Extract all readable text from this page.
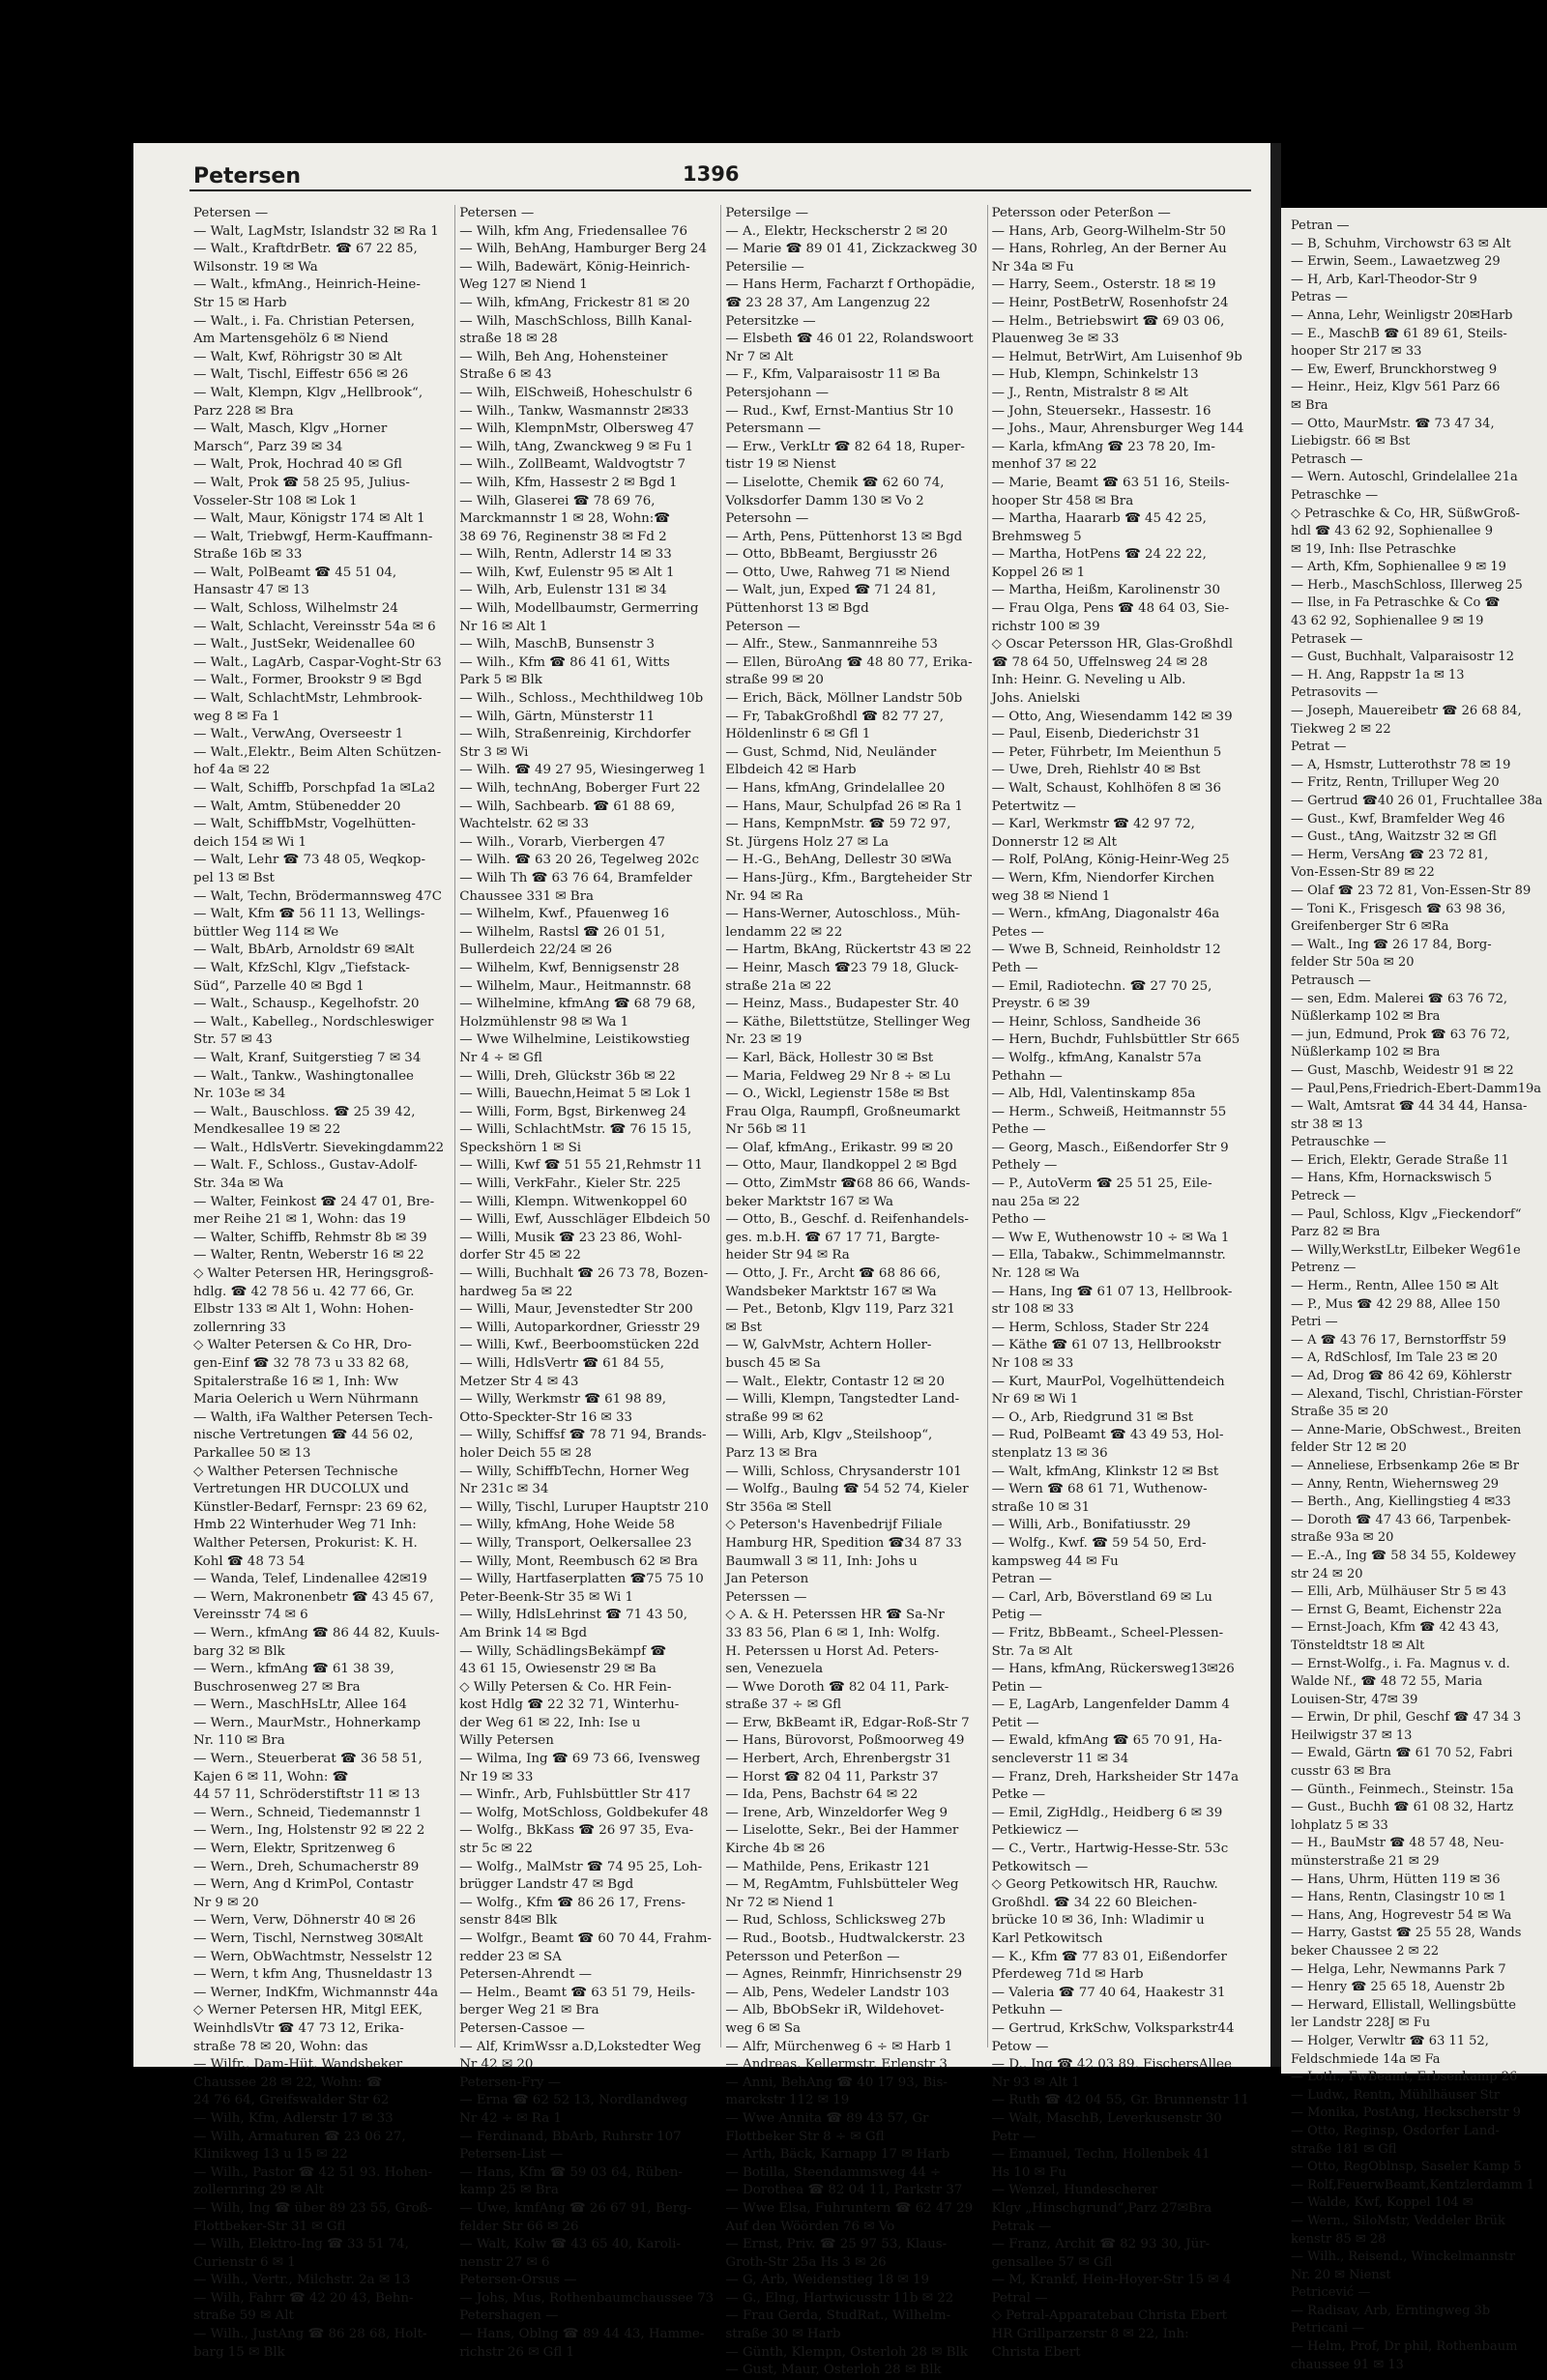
Petersen	1396
Petersen —
— Walt, LagMstr, Islandstr 32 ✉ Ra 1
— Walt., KraftdrBetr. ☎ 67 22 85,
Wilsonstr. 19 ✉ Wa
— Walt., kfmAng., Heinrich-Heine-
Str 15 ✉ Harb
— Walt., i. Fa. Christian Petersen,
Am Martensgehölz 6 ✉ Niend
— Walt, Kwf, Röhrigstr 30 ✉ Alt
— Walt, Tischl, Eiffestr 656 ✉ 26
— Walt, Klempn, Klgv „Hellbrook“,
Parz 228 ✉ Bra
— Walt, Masch, Klgv „Horner
Marsch“, Parz 39 ✉ 34
— Walt, Prok, Hochrad 40 ✉ Gfl
— Walt, Prok ☎ 58 25 95, Julius-
Vosseler-Str 108 ✉ Lok 1
— Walt, Maur, Königstr 174 ✉ Alt 1
— Walt, Triebwgf, Herm-Kauffmann-
Straße 16b ✉ 33
— Walt, PolBeamt ☎ 45 51 04,
Hansastr 47 ✉ 13
— Walt, Schloss, Wilhelmstr 24
— Walt, Schlacht, Vereinsstr 54a ✉ 6
— Walt., JustSekr, Weidenallee 60
— Walt., LagArb, Caspar-Voght-Str 63
— Walt., Former, Brookstr 9 ✉ Bgd
— Walt, SchlachtMstr, Lehmbrook-
weg 8 ✉ Fa 1
— Walt., VerwAng, Overseestr 1
— Walt.,Elektr., Beim Alten Schützen-
hof 4a ✉ 22
— Walt, Schiffb, Porschpfad 1a ✉La2
— Walt, Amtm, Stübenedder 20
— Walt, SchiffbMstr, Vogelhütten-
deich 154 ✉ Wi 1
— Walt, Lehr ☎ 73 48 05, Weqkop-
pel 13 ✉ Bst
— Walt, Techn, Brödermannsweg 47C
— Walt, Kfm ☎ 56 11 13, Wellings-
büttler Weg 114 ✉ We
— Walt, BbArb, Arnoldstr 69 ✉Alt
— Walt, KfzSchl, Klgv „Tiefstack-
Süd“, Parzelle 40 ✉ Bgd 1
— Walt., Schausp., Kegelhofstr. 20
— Walt., Kabelleg., Nordschleswiger
Str. 57 ✉ 43
— Walt, Kranf, Suitgerstieg 7 ✉ 34
— Walt., Tankw., Washingtonallee
Nr. 103e ✉ 34
— Walt., Bauschloss. ☎ 25 39 42,
Mendkesallee 19 ✉ 22
— Walt., HdlsVertr. Sievekingdamm22
— Walt. F., Schloss., Gustav-Adolf-
Str. 34a ✉ Wa
— Walter, Feinkost ☎ 24 47 01, Bre-
mer Reihe 21 ✉ 1, Wohn: das 19
— Walter, Schiffb, Rehmstr 8b ✉ 39
— Walter, Rentn, Weberstr 16 ✉ 22
◇ Walter Petersen HR, Heringsgroß-
hdlg. ☎ 42 78 56 u. 42 77 66, Gr.
Elbstr 133 ✉ Alt 1, Wohn: Hohen-
zollernring 33
◇ Walter Petersen & Co HR, Dro-
gen-Einf ☎ 32 78 73 u 33 82 68,
Spitalerstraße 16 ✉ 1, Inh: Ww
Maria Oelerich u Wern Nührmann
— Walth, iFa Walther Petersen Tech-
nische Vertretungen ☎ 44 56 02,
Parkallee 50 ✉ 13
◇ Walther Petersen Technische
Vertretungen HR DUCOLUX und
Künstler-Bedarf, Fernspr: 23 69 62,
Hmb 22 Winterhuder Weg 71 Inh:
Walther Petersen, Prokurist: K. H.
Kohl ☎ 48 73 54
— Wanda, Telef, Lindenallee 42✉19
— Wern, Makronenbetr ☎ 43 45 67,
Vereinsstr 74 ✉ 6
— Wern., kfmAng ☎ 86 44 82, Kuuls-
barg 32 ✉ Blk
— Wern., kfmAng ☎ 61 38 39,
Buschrosenweg 27 ✉ Bra
— Wern., MaschHsLtr, Allee 164
— Wern., MaurMstr., Hohnerkamp
Nr. 110 ✉ Bra
— Wern., Steuerberat ☎ 36 58 51,
Kajen 6 ✉ 11, Wohn: ☎
44 57 11, Schröderstiftstr 11 ✉ 13
— Wern., Schneid, Tiedemannstr 1
— Wern., Ing, Holstenstr 92 ✉ 22 2
— Wern, Elektr, Spritzenweg 6
— Wern., Dreh, Schumacherstr 89
— Wern, Ang d KrimPol, Contastr
Nr 9 ✉ 20
— Wern, Verw, Döhnerstr 40 ✉ 26
— Wern, Tischl, Nernstweg 30✉Alt
— Wern, ObWachtmstr, Nesselstr 12
— Wern, t kfm Ang, Thusneldastr 13
— Werner, IndKfm, Wichmannstr 44a
◇ Werner Petersen HR, Mitgl EEK,
WeinhdlsVtr ☎ 47 73 12, Erika-
straße 78 ✉ 20, Wohn: das
— Wilfr., Dam-Hüt, Wandsbeker
Chaussee 28 ✉ 22, Wohn: ☎
24 76 64, Greifswalder Str 62
— Wilh, Kfm, Adlerstr 17 ✉ 33
— Wilh, Armaturen ☎ 23 06 27,
Klinikweg 13 u 15 ✉ 22
— Wilh., Pastor ☎ 42 51 93. Hohen-
zollernring 29 ✉ Alt
— Wilh, Ing ☎ über 89 23 55, Groß-
Flottbeker-Str 31 ✉ Gfl
— Wilh, Elektro-Ing ☎ 33 51 74,
Curienstr 6 ✉ 1
— Wilh., Vertr., Milchstr. 2a ✉ 13
— Wilh, Fahrr ☎ 42 20 43, Behn-
straße 59 ✉ Alt
— Wilh., JustAng ☎ 86 28 68, Holt-
barg 15 ✉ Blk
Petersen —
— Wilh, kfm Ang, Friedensallee 76
— Wilh, BehAng, Hamburger Berg 24
— Wilh, Badewärt, König-Heinrich-
Weg 127 ✉ Niend 1
— Wilh, kfmAng, Frickestr 81 ✉ 20
— Wilh, MaschSchloss, Billh Kanal-
straße 18 ✉ 28
— Wilh, Beh Ang, Hohensteiner
Straße 6 ✉ 43
— Wilh, ElSchweiß, Hoheschulstr 6
— Wilh., Tankw, Wasmannstr 2✉33
— Wilh, KlempnMstr, Olbersweg 47
— Wilh, tAng, Zwanckweg 9 ✉ Fu 1
— Wilh., ZollBeamt, Waldvogtstr 7
— Wilh, Kfm, Hassestr 2 ✉ Bgd 1
— Wilh, Glaserei ☎ 78 69 76,
Marckmannstr 1 ✉ 28, Wohn:☎
38 69 76, Reginenstr 38 ✉ Fd 2
— Wilh, Rentn, Adlerstr 14 ✉ 33
— Wilh, Kwf, Eulenstr 95 ✉ Alt 1
— Wilh, Arb, Eulenstr 131 ✉ 34
— Wilh, Modellbaumstr, Germerring
Nr 16 ✉ Alt 1
— Wilh, MaschB, Bunsenstr 3
— Wilh., Kfm ☎ 86 41 61, Witts
Park 5 ✉ Blk
— Wilh., Schloss., Mechthildweg 10b
— Wilh, Gärtn, Münsterstr 11
— Wilh, Straßenreinig, Kirchdorfer
Str 3 ✉ Wi
— Wilh. ☎ 49 27 95, Wiesingerweg 1
— Wilh, technAng, Boberger Furt 22
— Wilh, Sachbearb. ☎ 61 88 69,
Wachtelstr. 62 ✉ 33
— Wilh., Vorarb, Vierbergen 47
— Wilh. ☎ 63 20 26, Tegelweg 202c
— Wilh Th ☎ 63 76 64, Bramfelder
Chaussee 331 ✉ Bra
— Wilhelm, Kwf., Pfauenweg 16
— Wilhelm, Rastsl ☎ 26 01 51,
Bullerdeich 22/24 ✉ 26
— Wilhelm, Kwf, Bennigsenstr 28
— Wilhelm, Maur., Heitmannstr. 68
— Wilhelmine, kfmAng ☎ 68 79 68,
Holzmühlenstr 98 ✉ Wa 1
— Wwe Wilhelmine, Leistikowstieg
Nr 4 ÷ ✉ Gfl
— Willi, Dreh, Glückstr 36b ✉ 22
— Willi, Bauechn,Heimat 5 ✉ Lok 1
— Willi, Form, Bgst, Birkenweg 24
— Willi, SchlachtMstr. ☎ 76 15 15,
Speckshörn 1 ✉ Si
— Willi, Kwf ☎ 51 55 21,Rehmstr 11
— Willi, VerkFahr., Kieler Str. 225
— Willi, Klempn. Witwenkoppel 60
— Willi, Ewf, Ausschläger Elbdeich 50
— Willi, Musik ☎ 23 23 86, Wohl-
dorfer Str 45 ✉ 22
— Willi, Buchhalt ☎ 26 73 78, Bozen-
hardweg 5a ✉ 22
— Willi, Maur, Jevenstedter Str 200
— Willi, Autoparkordner, Griesstr 29
— Willi, Kwf., Beerboomstücken 22d
— Willi, HdlsVertr ☎ 61 84 55,
Metzer Str 4 ✉ 43
— Willy, Werkmstr ☎ 61 98 89,
Otto-Speckter-Str 16 ✉ 33
— Willy, Schiffsf ☎ 78 71 94, Brands-
holer Deich 55 ✉ 28
— Willy, SchiffbTechn, Horner Weg
Nr 231c ✉ 34
— Willy, Tischl, Luruper Hauptstr 210
— Willy, kfmAng, Hohe Weide 58
— Willy, Transport, Oelkersallee 23
— Willy, Mont, Reembusch 62 ✉ Bra
— Willy, Hartfaserplatten ☎75 75 10
Peter-Beenk-Str 35 ✉ Wi 1
— Willy, HdlsLehrinst ☎ 71 43 50,
Am Brink 14 ✉ Bgd
— Willy, SchädlingsBekämpf ☎
43 61 15, Owiesenstr 29 ✉ Ba
◇ Willy Petersen & Co. HR Fein-
kost Hdlg ☎ 22 32 71, Winterhu-
der Weg 61 ✉ 22, Inh: Ise u
Willy Petersen
— Wilma, Ing ☎ 69 73 66, Ivensweg
Nr 19 ✉ 33
— Winfr., Arb, Fuhlsbüttler Str 417
— Wolfg, MotSchloss, Goldbekufer 48
— Wolfg., BkKass ☎ 26 97 35, Eva-
str 5c ✉ 22
— Wolfg., MalMstr ☎ 74 95 25, Loh-
brügger Landstr 47 ✉ Bgd
— Wolfg., Kfm ☎ 86 26 17, Frens-
senstr 84✉ Blk
— Wolfgr., Beamt ☎ 60 70 44, Frahm-
redder 23 ✉ SA
Petersen-Ahrendt —
— Helm., Beamt ☎ 63 51 79, Heils-
berger Weg 21 ✉ Bra
Petersen-Cassoe —
— Alf, KrimWssr a.D,Lokstedter Weg
Nr 42 ✉ 20
Petersen-Fry —
— Erna ☎ 62 52 13, Nordlandweg
Nr 42 ÷ ✉ Ra 1
— Ferdinand, BbArb, Ruhrstr 107
Petersen-List —
— Hans, Kfm ☎ 59 03 64, Rüben-
kamp 25 ✉ Bra
— Uwe, kmfAng ☎ 26 67 91, Berg-
felder Str 66 ✉ 26
— Walt, Kolw ☎ 43 65 40, Karoli-
nenstr 27 ✉ 6
Petersen-Orsus —
— Johs, Mus, Rothenbaumchaussee 73
Petershagen —
— Hans, Oblng ☎ 89 44 43, Hamme-
richstr 26 ✉ Gfl 1
Petersilge —
— A., Elektr, Heckscherstr 2 ✉ 20
— Marie ☎ 89 01 41, Zickzackweg 30
Petersilie —
— Hans Herm, Facharzt f Orthopädie,
☎ 23 28 37, Am Langenzug 22
Petersitzke —
— Elsbeth ☎ 46 01 22, Rolandswoort
Nr 7 ✉ Alt
— F., Kfm, Valparaisostr 11 ✉ Ba
Petersjohann —
— Rud., Kwf, Ernst-Mantius Str 10
Petersmann —
— Erw., VerkLtr ☎ 82 64 18, Ruper-
tistr 19 ✉ Nienst
— Liselotte, Chemik ☎ 62 60 74,
Volksdorfer Damm 130 ✉ Vo 2
Petersohn —
— Arth, Pens, Püttenhorst 13 ✉ Bgd
— Otto, BbBeamt, Bergiusstr 26
— Otto, Uwe, Rahweg 71 ✉ Niend
— Walt, jun, Exped ☎ 71 24 81,
Püttenhorst 13 ✉ Bgd
Peterson —
— Alfr., Stew., Sanmannreihe 53
— Ellen, BüroAng ☎ 48 80 77, Erika-
straße 99 ✉ 20
— Erich, Bäck, Möllner Landstr 50b
— Fr, TabakGroßhdl ☎ 82 77 27,
Höldenlinstr 6 ✉ Gfl 1
— Gust, Schmd, Nid, Neuländer
Elbdeich 42 ✉ Harb
— Hans, kfmAng, Grindelallee 20
— Hans, Maur, Schulpfad 26 ✉ Ra 1
— Hans, KempnMstr. ☎ 59 72 97,
St. Jürgens Holz 27 ✉ La
— H.-G., BehAng, Dellestr 30 ✉Wa
— Hans-Jürg., Kfm., Bargteheider Str
Nr. 94 ✉ Ra
— Hans-Werner, Autoschloss., Müh-
lendamm 22 ✉ 22
— Hartm, BkAng, Rückertstr 43 ✉ 22
— Heinr, Masch ☎23 79 18, Gluck-
straße 21a ✉ 22
— Heinz, Mass., Budapester Str. 40
— Käthe, Bilettstütze, Stellinger Weg
Nr. 23 ✉ 19
— Karl, Bäck, Hollestr 30 ✉ Bst
— Maria, Feldweg 29 Nr 8 ÷ ✉ Lu
— O., Wickl, Legienstr 158e ✉ Bst
Frau Olga, Raumpfl, Großneumarkt
Nr 56b ✉ 11
— Olaf, kfmAng., Erikastr. 99 ✉ 20
— Otto, Maur, Ilandkoppel 2 ✉ Bgd
— Otto, ZimMstr ☎68 86 66, Wands-
beker Marktstr 167 ✉ Wa
— Otto, B., Geschf. d. Reifenhandels-
ges. m.b.H. ☎ 67 17 71, Bargte-
heider Str 94 ✉ Ra
— Otto, J. Fr., Archt ☎ 68 86 66,
Wandsbeker Marktstr 167 ✉ Wa
— Pet., Betonb, Klgv 119, Parz 321
✉ Bst
— W, GalvMstr, Achtern Holler-
busch 45 ✉ Sa
— Walt., Elektr, Contastr 12 ✉ 20
— Willi, Klempn, Tangstedter Land-
straße 99 ✉ 62
— Willi, Arb, Klgv „Steilshoop“,
Parz 13 ✉ Bra
— Willi, Schloss, Chrysanderstr 101
— Wolfg., Baulng ☎ 54 52 74, Kieler
Str 356a ✉ Stell
◇ Peterson's Havenbedrijf Filiale
Hamburg HR, Spedition ☎34 87 33
Baumwall 3 ✉ 11, Inh: Johs u
Jan Peterson
Peterssen —
◇ A. & H. Peterssen HR ☎ Sa-Nr
33 83 56, Plan 6 ✉ 1, Inh: Wolfg.
H. Peterssen u Horst Ad. Peters-
sen, Venezuela
— Wwe Doroth ☎ 82 04 11, Park-
straße 37 ÷ ✉ Gfl
— Erw, BkBeamt iR, Edgar-Roß-Str 7
— Hans, Bürovorst, Poßmoorweg 49
— Herbert, Arch, Ehrenbergstr 31
— Horst ☎ 82 04 11, Parkstr 37
— Ida, Pens, Bachstr 64 ✉ 22
— Irene, Arb, Winzeldorfer Weg 9
— Liselotte, Sekr., Bei der Hammer
Kirche 4b ✉ 26
— Mathilde, Pens, Erikastr 121
— M, RegAmtm, Fuhlsbütteler Weg
Nr 72 ✉ Niend 1
— Rud, Schloss, Schlicksweg 27b
— Rud., Bootsb., Hudtwalckerstr. 23
Petersson und Peterßon —
— Agnes, Reinmfr, Hinrichsenstr 29
— Alb, Pens, Wedeler Landstr 103
— Alb, BbObSekr iR, Wildehovet-
weg 6 ✉ Sa
— Alfr, Mürchenweg 6 ÷ ✉ Harb 1
— Andreas, Kellermstr, Erlenstr 3
— Anni, BehAng ☎ 40 17 93, Bis-
marckstr 112 ✉ 19
— Wwe Annita ☎ 89 43 57, Gr
Flottbeker Str 8 ÷ ✉ Gfl
— Arth, Bäck, Karnapp 17 ✉ Harb
— Botilla, Steendammsweg 44 ÷
— Dorothea ☎ 82 04 11, Parkstr 37
— Wwe Elsa, Fuhruntern ☎ 62 47 29
Auf den Wöörden 76 ✉ Vo
— Ernst, Priv. ☎ 25 97 53, Klaus-
Groth-Str 25a Hs 3 ✉ 26
— G, Arb, Weidenstieg 18 ✉ 19
— G., Elng, Hartwicusstr 11b ✉ 22
— Frau Gerda, StudRat., Wilhelm-
straße 30 ✉ Harb
— Günth, Klempn, Osterloh 28 ✉ Blk
— Gust, Maur, Osterloh 28 ✉ Blk
Petersson oder Peterßon —
— Hans, Arb, Georg-Wilhelm-Str 50
— Hans, Rohrleg, An der Berner Au
Nr 34a ✉ Fu
— Harry, Seem., Osterstr. 18 ✉ 19
— Heinr, PostBetrW, Rosenhofstr 24
— Helm., Betriebswirt ☎ 69 03 06,
Plauenweg 3e ✉ 33
— Helmut, BetrWirt, Am Luisenhof 9b
— Hub, Klempn, Schinkelstr 13
— J., Rentn, Mistralstr 8 ✉ Alt
— John, Steuersekr., Hassestr. 16
— Johs., Maur, Ahrensburger Weg 144
— Karla, kfmAng ☎ 23 78 20, Im-
menhof 37 ✉ 22
— Marie, Beamt ☎ 63 51 16, Steils-
hooper Str 458 ✉ Bra
— Martha, Haararb ☎ 45 42 25,
Brehmsweg 5
— Martha, HotPens ☎ 24 22 22,
Koppel 26 ✉ 1
— Martha, Heißm, Karolinenstr 30
— Frau Olga, Pens ☎ 48 64 03, Sie-
richstr 100 ✉ 39
◇ Oscar Petersson HR, Glas-Großhdl
☎ 78 64 50, Uffelnsweg 24 ✉ 28
Inh: Heinr. G. Neveling u Alb.
Johs. Anielski
— Otto, Ang, Wiesendamm 142 ✉ 39
— Paul, Eisenb, Diederichstr 31
— Peter, Führbetr, Im Meienthun 5
— Uwe, Dreh, Riehlstr 40 ✉ Bst
— Walt, Schaust, Kohlhöfen 8 ✉ 36
Petertwitz —
— Karl, Werkmstr ☎ 42 97 72,
Donnerstr 12 ✉ Alt
— Rolf, PolAng, König-Heinr-Weg 25
— Wern, Kfm, Niendorfer Kirchen
weg 38 ✉ Niend 1
— Wern., kfmAng, Diagonalstr 46a
Petes —
— Wwe B, Schneid, Reinholdstr 12
Peth —
— Emil, Radiotechn. ☎ 27 70 25,
Preystr. 6 ✉ 39
— Heinr, Schloss, Sandheide 36
— Hern, Buchdr, Fuhlsbüttler Str 665
— Wolfg., kfmAng, Kanalstr 57a
Pethahn —
— Alb, Hdl, Valentinskamp 85a
— Herm., Schweiß, Heitmannstr 55
Pethe —
— Georg, Masch., Eißendorfer Str 9
Pethely —
— P., AutoVerm ☎ 25 51 25, Eile-
nau 25a ✉ 22
Petho —
— Ww E, Wuthenowstr 10 ÷ ✉ Wa 1
— Ella, Tabakw., Schimmelmannstr.
Nr. 128 ✉ Wa
— Hans, Ing ☎ 61 07 13, Hellbrook-
str 108 ✉ 33
— Herm, Schloss, Stader Str 224
— Käthe ☎ 61 07 13, Hellbrookstr
Nr 108 ✉ 33
— Kurt, MaurPol, Vogelhüttendeich
Nr 69 ✉ Wi 1
— O., Arb, Riedgrund 31 ✉ Bst
— Rud, PolBeamt ☎ 43 49 53, Hol-
stenplatz 13 ✉ 36
— Walt, kfmAng, Klinkstr 12 ✉ Bst
— Wern ☎ 68 61 71, Wuthenow-
straße 10 ✉ 31
— Willi, Arb., Bonifatiusstr. 29
— Wolfg., Kwf. ☎ 59 54 50, Erd-
kampsweg 44 ✉ Fu
Petran —
— Carl, Arb, Böverstland 69 ✉ Lu
Petig —
— Fritz, BbBeamt., Scheel-Plessen-
Str. 7a ✉ Alt
— Hans, kfmAng, Rückersweg13✉26
Petin —
— E, LagArb, Langenfelder Damm 4
Petit —
— Ewald, kfmAng ☎ 65 70 91, Ha-
sencleverstr 11 ✉ 34
— Franz, Dreh, Harksheider Str 147a
Petke —
— Emil, ZigHdlg., Heidberg 6 ✉ 39
Petkiewicz —
— C., Vertr., Hartwig-Hesse-Str. 53c
Petkowitsch —
◇ Georg Petkowitsch HR, Rauchw.
Großhdl. ☎ 34 22 60 Bleichen-
brücke 10 ✉ 36, Inh: Wladimir u
Karl Petkowitsch
— K., Kfm ☎ 77 83 01, Eißendorfer
Pferdeweg 71d ✉ Harb
— Valeria ☎ 77 40 64, Haakestr 31
Petkuhn —
— Gertrud, KrkSchw, Volksparkstr44
Petow —
— D., Ing ☎ 42 03 89, FischersAllee
Nr 93 ✉ Alt 1
— Ruth ☎ 42 04 55, Gr. Brunnenstr 11
— Walt, MaschB, Leverkusenstr 30
Petr —
— Emanuel, Techn, Hollenbek 41
Hs 10 ✉ Fu
— Wenzel, Hundescherer
Klgv „Hinschgrund“,Parz 27✉Bra
Petrak —
— Franz, Archit ☎ 82 93 30, Jür-
gensallee 57 ✉ Gfl
— M, Krankf, Hein-Hoyer-Str 15 ✉ 4
Petral —
◇ Petral-Apparatebau Christa Ebert
HR Grillparzerstr 8 ✉ 22, Inh:
Christa Ebert
Petran —
— B, Schuhm, Virchowstr 63 ✉ Alt
— Erwin, Seem., Lawaetzweg 29
— H, Arb, Karl-Theodor-Str 9
Petras —
— Anna, Lehr, Weinligstr 20✉Harb
— E., MaschB ☎ 61 89 61, Steils-
hooper Str 217 ✉ 33
— Ew, Ewerf, Brunckhorstweg 9
— Heinr., Heiz, Klgv 561 Parz 66
✉ Bra
— Otto, MaurMstr. ☎ 73 47 34,
Liebigstr. 66 ✉ Bst
Petrasch —
— Wern. Autoschl, Grindelallee 21a
Petraschke —
◇ Petraschke & Co, HR, SüßwGroß-
hdl ☎ 43 62 92, Sophienallee 9
✉ 19, Inh: Ilse Petraschke
— Arth, Kfm, Sophienallee 9 ✉ 19
— Herb., MaschSchloss, Illerweg 25
— Ilse, in Fa Petraschke & Co ☎
43 62 92, Sophienallee 9 ✉ 19
Petrasek —
— Gust, Buchhalt, Valparaisostr 12
— H. Ang, Rappstr 1a ✉ 13
Petrasovits —
— Joseph, Mauereibetr ☎ 26 68 84,
Tiekweg 2 ✉ 22
Petrat —
— A, Hsmstr, Lutterothstr 78 ✉ 19
— Fritz, Rentn, Trilluper Weg 20
— Gertrud ☎40 26 01, Fruchtallee 38a
— Gust., Kwf, Bramfelder Weg 46
— Gust., tAng, Waitzstr 32 ✉ Gfl
— Herm, VersAng ☎ 23 72 81,
Von-Essen-Str 89 ✉ 22
— Olaf ☎ 23 72 81, Von-Essen-Str 89
— Toni K., Frisgesch ☎ 63 98 36,
Greifenberger Str 6 ✉Ra
— Walt., Ing ☎ 26 17 84, Borg-
felder Str 50a ✉ 20
Petrausch —
— sen, Edm. Malerei ☎ 63 76 72,
Nüßlerkamp 102 ✉ Bra
— jun, Edmund, Prok ☎ 63 76 72,
Nüßlerkamp 102 ✉ Bra
— Gust, Maschb, Weidestr 91 ✉ 22
— Paul,Pens,Friedrich-Ebert-Damm19a
— Walt, Amtsrat ☎ 44 34 44, Hansa-
str 38 ✉ 13
Petrauschke —
— Erich, Elektr, Gerade Straße 11
— Hans, Kfm, Hornackswisch 5
Petreck —
— Paul, Schloss, Klgv „Fieckendorf“
Parz 82 ✉ Bra
— Willy,WerkstLtr, Eilbeker Weg61e
Petrenz —
— Herm., Rentn, Allee 150 ✉ Alt
— P., Mus ☎ 42 29 88, Allee 150
Petri —
— A ☎ 43 76 17, Bernstorffstr 59
— A, RdSchlosf, Im Tale 23 ✉ 20
— Ad, Drog ☎ 86 42 69, Köhlerstr
— Alexand, Tischl, Christian-Förster
Straße 35 ✉ 20
— Anne-Marie, ObSchwest., Breiten
felder Str 12 ✉ 20
— Anneliese, Erbsenkamp 26e ✉ Br
— Anny, Rentn, Wiehernsweg 29
— Berth., Ang, Kiellingstieg 4 ✉33
— Doroth ☎ 47 43 66, Tarpenbek-
straße 93a ✉ 20
— E.-A., Ing ☎ 58 34 55, Koldewey
str 24 ✉ 20
— Elli, Arb, Mülhäuser Str 5 ✉ 43
— Ernst G, Beamt, Eichenstr 22a
— Ernst-Joach, Kfm ☎ 42 43 43,
Tönsteldtstr 18 ✉ Alt
— Ernst-Wolfg., i. Fa. Magnus v. d.
Walde Nf., ☎ 48 72 55, Maria
Louisen-Str, 47✉ 39
— Erwin, Dr phil, Geschf ☎ 47 34 3
Heilwigstr 37 ✉ 13
— Ewald, Gärtn ☎ 61 70 52, Fabri
cusstr 63 ✉ Bra
— Günth., Feinmech., Steinstr. 15a
— Gust., Buchh ☎ 61 08 32, Hartz
lohplatz 5 ✉ 33
— H., BauMstr ☎ 48 57 48, Neu-
münsterstraße 21 ✉ 29
— Hans, Uhrm, Hütten 119 ✉ 36
— Hans, Rentn, Clasingstr 10 ✉ 1
— Hans, Ang, Hogrevestr 54 ✉ Wa
— Harry, Gastst ☎ 25 55 28, Wands
beker Chaussee 2 ✉ 22
— Helga, Lehr, Newmanns Park 7
— Henry ☎ 25 65 18, Auenstr 2b
— Herward, Ellistall, Wellingsbütte
ler Landstr 228J ✉ Fu
— Holger, Verwltr ☎ 63 11 52,
Feldschmiede 14a ✉ Fa
— Loth., FwBeamt, Erbsenkamp 26
— Ludw., Rentn, Mühlhäuser Str
— Monika, PostAng, Heckscherstr 9
— Otto, Reginsp, Osdorfer Land-
straße 181 ✉ Gfl
— Otto, RegOblnsp, Saseler Kamp 5
— Rolf,FeuerwBeamt,Kentzlerdamm 1
— Walde, Kwf, Koppel 104 ✉
— Wern., SiloMstr, Veddeler Brük
kenstr 85 ✉ 28
— Wilh., Reisend., Winckelmannstr
Nr. 20 ✉ Nienst
Petricević —
— Radisav, Arb, Erntingweg 3b
Petricani —
— Helm, Prof, Dr phil, Rothenbaum
chaussee 91 ✉ 13
